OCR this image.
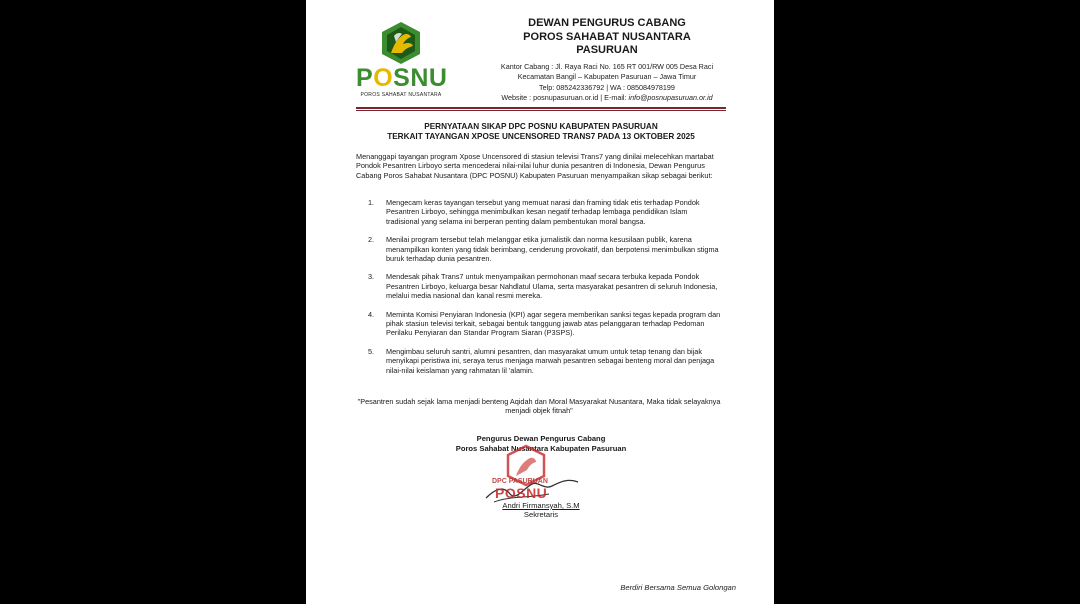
POSNU
POROS SAHABAT NUSANTARA
DEWAN PENGURUS CABANG
POROS SAHABAT NUSANTARA
PASURUAN
Kantor Cabang : Jl. Raya Raci No. 165 RT 001/RW 005 Desa Raci
Kecamatan Bangil – Kabupaten Pasuruan – Jawa Timur
Telp: 085242336792 | WA : 085084978199
Website : posnupasuruan.or.id | E-mail: info@posnupasuruan.or.id
PERNYATAAN SIKAP DPC POSNU KABUPATEN PASURUAN
TERKAIT TAYANGAN XPOSE UNCENSORED TRANS7 PADA 13 OKTOBER 2025
Menanggapi tayangan program Xpose Uncensored di stasiun televisi Trans7 yang dinilai melecehkan martabat Pondok Pesantren Lirboyo serta mencederai nilai-nilai luhur dunia pesantren di Indonesia, Dewan Pengurus Cabang Poros Sahabat Nusantara (DPC POSNU) Kabupaten Pasuruan menyampaikan sikap sebagai berikut:
1. Mengecam keras tayangan tersebut yang memuat narasi dan framing tidak etis terhadap Pondok Pesantren Lirboyo, sehingga menimbulkan kesan negatif terhadap lembaga pendidikan Islam tradisional yang selama ini berperan penting dalam pembentukan moral bangsa.
2. Menilai program tersebut telah melanggar etika jurnalistik dan norma kesusilaan publik, karena menampilkan konten yang tidak berimbang, cenderung provokatif, dan berpotensi menimbulkan stigma buruk terhadap dunia pesantren.
3. Mendesak pihak Trans7 untuk menyampaikan permohonan maaf secara terbuka kepada Pondok Pesantren Lirboyo, keluarga besar Nahdlatul Ulama, serta masyarakat pesantren di seluruh Indonesia, melalui media nasional dan kanal resmi mereka.
4. Meminta Komisi Penyiaran Indonesia (KPI) agar segera memberikan sanksi tegas kepada program dan pihak stasiun televisi terkait, sebagai bentuk tanggung jawab atas pelanggaran terhadap Pedoman Perilaku Penyiaran dan Standar Program Siaran (P3SPS).
5. Mengimbau seluruh santri, alumni pesantren, dan masyarakat umum untuk tetap tenang dan bijak menyikapi peristiwa ini, seraya terus menjaga marwah pesantren sebagai benteng moral dan penjaga nilai-nilai keislaman yang rahmatan lil 'alamin.
"Pesantren sudah sejak lama menjadi benteng Aqidah dan Moral Masyarakat Nusantara, Maka tidak selayaknya menjadi objek fitnah"
Pengurus Dewan Pengurus Cabang
Poros Sahabat Nusantara Kabupaten Pasuruan
DPC PASURUAN
POSNU
Andri Firmansyah, S.M
Sekretaris
Berdiri Bersama Semua Golongan
